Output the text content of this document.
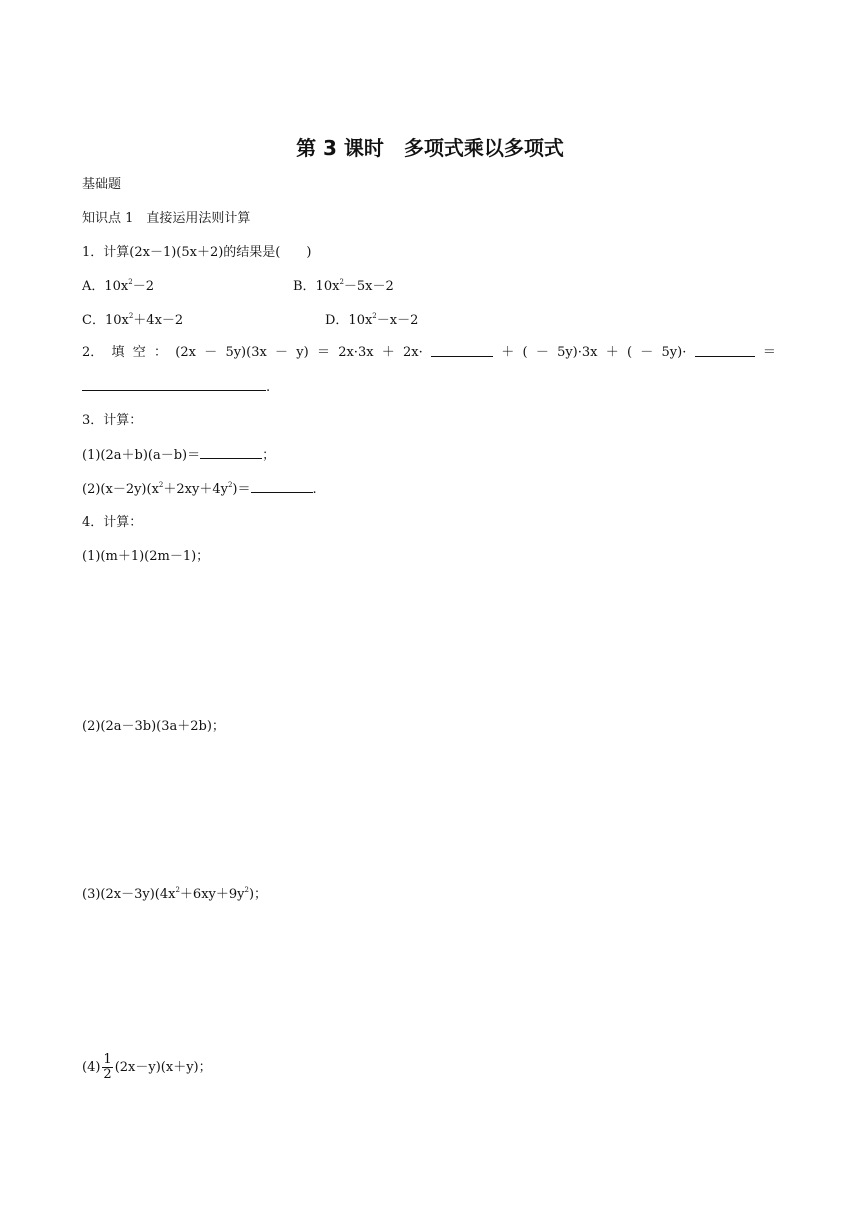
第 3 课时　多项式乘以多项式
基础题
知识点 1　直接运用法则计算
1．计算(2x－1)(5x＋2)的结果是(　　)
A．$10x^2-2$	B．$10x^2-5x-2$
C．$10x^2+4x-2$	D．$10x^2-x-2$
2． 填 空 ： (2x － 5y)(3x － y) ＝ 2x·3x ＋ 2x·	＋ ( － 5y)·3x ＋ ( － 5y)·	＝
.
3．计算：
(1)(2a＋b)(a－b)＝	；
$(2)(x-2y)(x^2+2xy+4y^2)=$	.
4．计算：
(1)(m＋1)(2m－1)；
(2)(2a－3b)(3a＋2b)；
$(3)(2x-3y)(4x^2+6xy+9y^2)$；
$(4) \frac{1}{2} (2x-y)(x+y)$；
